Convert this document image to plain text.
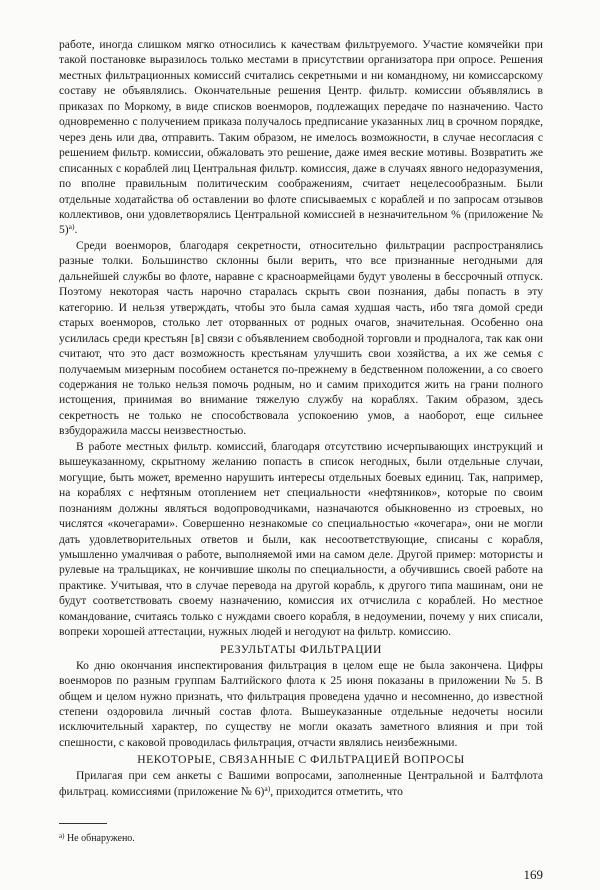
работе, иногда слишком мягко относились к качествам фильтруемого. Участие комячейки при такой постановке выразилось только местами в присутствии организатора при опросе. Решения местных фильтрационных комиссий считались секретными и ни командному, ни комиссарскому составу не объявлялись. Окончательные решения Центр. фильтр. комиссии объявлялись в приказах по Моркому, в виде списков военморов, подлежащих передаче по назначению. Часто одновременно с получением приказа получалось предписание указанных лиц в срочном порядке, через день или два, отправить. Таким образом, не имелось возможности, в случае несогласия с решением фильтр. комиссии, обжаловать это решение, даже имея веские мотивы. Возвратить же списанных с кораблей лиц Центральная фильтр. комиссия, даже в случаях явного недоразумения, по вполне правильным политическим соображениям, считает нецелесообразным. Были отдельные ходатайства об оставлении во флоте списываемых с кораблей и по запросам отзывов коллективов, они удовлетворялись Центральной комиссией в незначительном % (приложение № 5)$^{а)}$.

Среди военморов, благодаря секретности, относительно фильтрации распространялись разные толки. Большинство склонны были верить, что все признанные негодными для дальнейшей службы во флоте, наравне с красноармейцами будут уволены в бессрочный отпуск. Поэтому некоторая часть нарочно старалась скрыть свои познания, дабы попасть в эту категорию. И нельзя утверждать, чтобы это была самая худшая часть, ибо тяга домой среди старых военморов, столько лет оторванных от родных очагов, значительная. Особенно она усилилась среди крестьян [в] связи с объявлением свободной торговли и продналога, так как они считают, что это даст возможность крестьянам улучшить свои хозяйства, а их же семья с получаемым мизерным пособием останется по-прежнему в бедственном положении, а со своего содержания не только нельзя помочь родным, но и самим приходится жить на грани полного истощения, принимая во внимание тяжелую службу на кораблях. Таким образом, здесь секретность не только не способствовала успокоению умов, а наоборот, еще сильнее взбудоражила массы неизвестностью.

В работе местных фильтр. комиссий, благодаря отсутствию исчерпывающих инструкций и вышеуказанному, скрытному желанию попасть в список негодных, были отдельные случаи, могущие, быть может, временно нарушить интересы отдельных боевых единиц. Так, например, на кораблях с нефтяным отоплением нет специальности «нефтяников», которые по своим познаниям должны являться водопроводчиками, назначаются обыкновенно из строевых, но числятся «кочегарами». Совершенно незнакомые со специальностью «кочегара», они не могли дать удовлетворительных ответов и были, как несоответствующие, списаны с корабля, умышленно умалчивая о работе, выполняемой ими на самом деле. Другой пример: мотористы и рулевые на тральщиках, не кончившие школы по специальности, а обучившись своей работе на практике. Учитывая, что в случае перевода на другой корабль, к другого типа машинам, они не будут соответствовать своему назначению, комиссия их отчислила с кораблей. Но местное командование, считаясь только с нуждами своего корабля, в недоумении, почему у них списали, вопреки хорошей аттестации, нужных людей и негодуют на фильтр. комиссию.

РЕЗУЛЬТАТЫ ФИЛЬТРАЦИИ

Ко дню окончания инспектирования фильтрация в целом еще не была закончена. Цифры военморов по разным группам Балтийского флота к 25 июня показаны в приложении № 5. В общем и целом нужно признать, что фильтрация проведена удачно и несомненно, до известной степени оздоровила личный состав флота. Вышеуказанные отдельные недочеты носили исключительный характер, по существу не могли оказать заметного влияния и при той спешности, с каковой проводилась фильтрация, отчасти являлись неизбежными.

НЕКОТОРЫЕ, СВЯЗАННЫЕ С ФИЛЬТРАЦИЕЙ ВОПРОСЫ

Прилагая при сем анкеты с Вашими вопросами, заполненные Центральной и Балтфлота фильтрац. комиссиями (приложение № 6)$^{а)}$, приходится отметить, что

$^{а)}$ Не обнаружено.
169
